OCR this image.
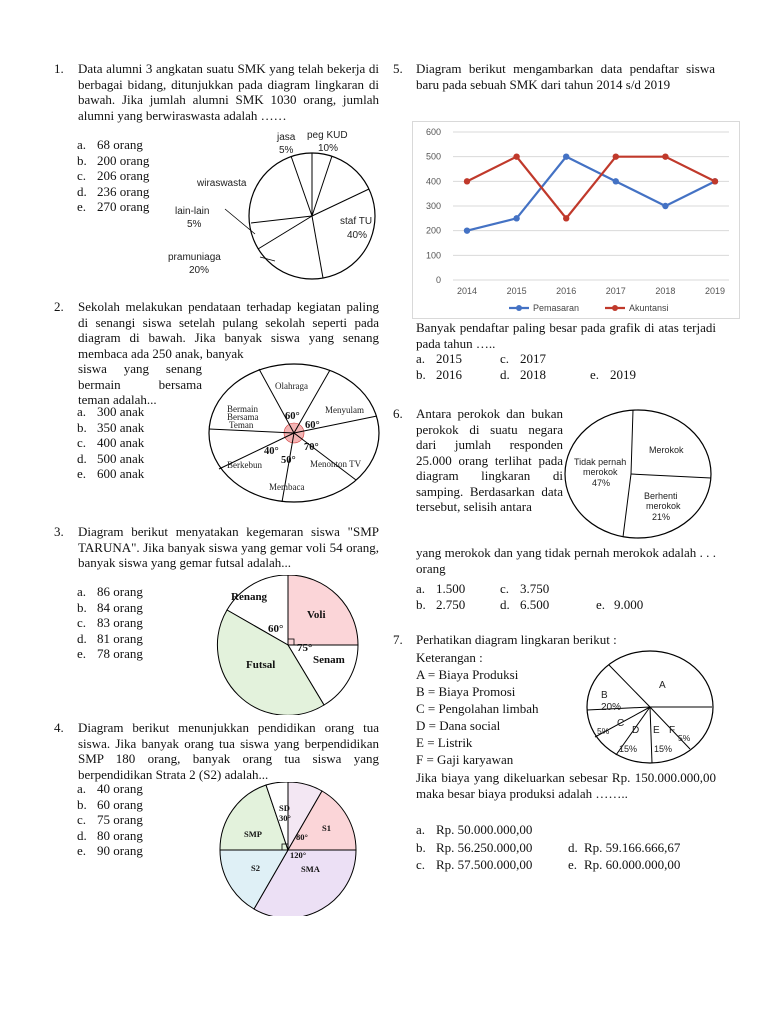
1. Data alumni 3 angkatan suatu SMK yang telah bekerja di berbagai bidang, ditunjukkan pada diagram lingkaran di bawah. Jika jumlah alumni SMK 1030 orang, jumlah alumni yang berwiraswasta adalah ……
a. 68 orang
b. 200 orang
c. 206 orang
d. 236 orang
e. 270 orang
jasa
5%
peg KUD
10%
wiraswasta
lain-lain
5%	staf TU
40%
pramuniaga
20%
2. Sekolah melakukan pendataan terhadap kegiatan paling di senangi siswa setelah pulang sekolah seperti pada diagram di bawah. Jika banyak siswa yang senang membaca ada 250 anak, banyak
siswa yang senang bermain bersama teman adalah...
a. 300 anak
b. 350 anak
c. 400 anak
d. 500 anak
e. 600 anak
Olahraga
Bermain
Bersama
Teman
Menyulam
Menonton TV
Membaca
Berkebun
60°
60°
70°
50°
40°
3. Diagram berikut menyatakan kegemaran siswa "SMP TARUNA". Jika banyak siswa yang gemar voli 54 orang, banyak siswa yang gemar futsal adalah...
a. 86 orang
b. 84 orang
c. 83 orang
d. 81 orang
e. 78 orang
Renang
Voli
Futsal	Senam
60°
75°
4. Diagram berikut menunjukkan pendidikan orang tua siswa. Jika banyak orang tua siswa yang berpendidikan SMP 180 orang, banyak orang tua siswa yang berpendidikan Strata 2 (S2) adalah...
a. 40 orang
b. 60 orang
c. 75 orang
d. 80 orang
e. 90 orang
SD
30°
S1
80°
SMP
120°
S2	SMA
5. Diagram berikut mengambarkan data pendaftar siswa baru pada sebuah SMK dari tahun 2014 s/d 2019
0
100
200
300
400
500
600
2014	2015	2016	2017	2018	2019
Pemasaran	Akuntansi
Banyak pendaftar paling besar pada grafik di atas terjadi pada tahun …..
a. 2015	c. 2017
b. 2016	d. 2018	e. 2019
6. Antara perokok dan bukan perokok di suatu negara dari jumlah responden 25.000 orang terlihat pada diagram lingkaran di samping. Berdasarkan data tersebut, selisih antara
yang merokok dan yang tidak pernah merokok adalah . . . orang
Merokok
Tidak pernah
merokok
47%
Berhenti
merokok
21%
a. 1.500	c. 3.750
b. 2.750	d. 6.500	e. 9.000
7. Perhatikan diagram lingkaran berikut :
Keterangan :
A = Biaya Produksi
B = Biaya Promosi
C = Pengolahan limbah
D = Dana social
E = Listrik
F = Gaji karyawan
A
B
20%
C
5% D
15%
E
15%
F
5%
Jika biaya yang dikeluarkan sebesar Rp. 150.000.000,00 maka besar biaya produksi adalah ……..
a. Rp. 50.000.000,00
b. Rp. 56.250.000,00	d. Rp. 59.166.666,67
c. Rp. 57.500.000,00	e. Rp. 60.000.000,00
